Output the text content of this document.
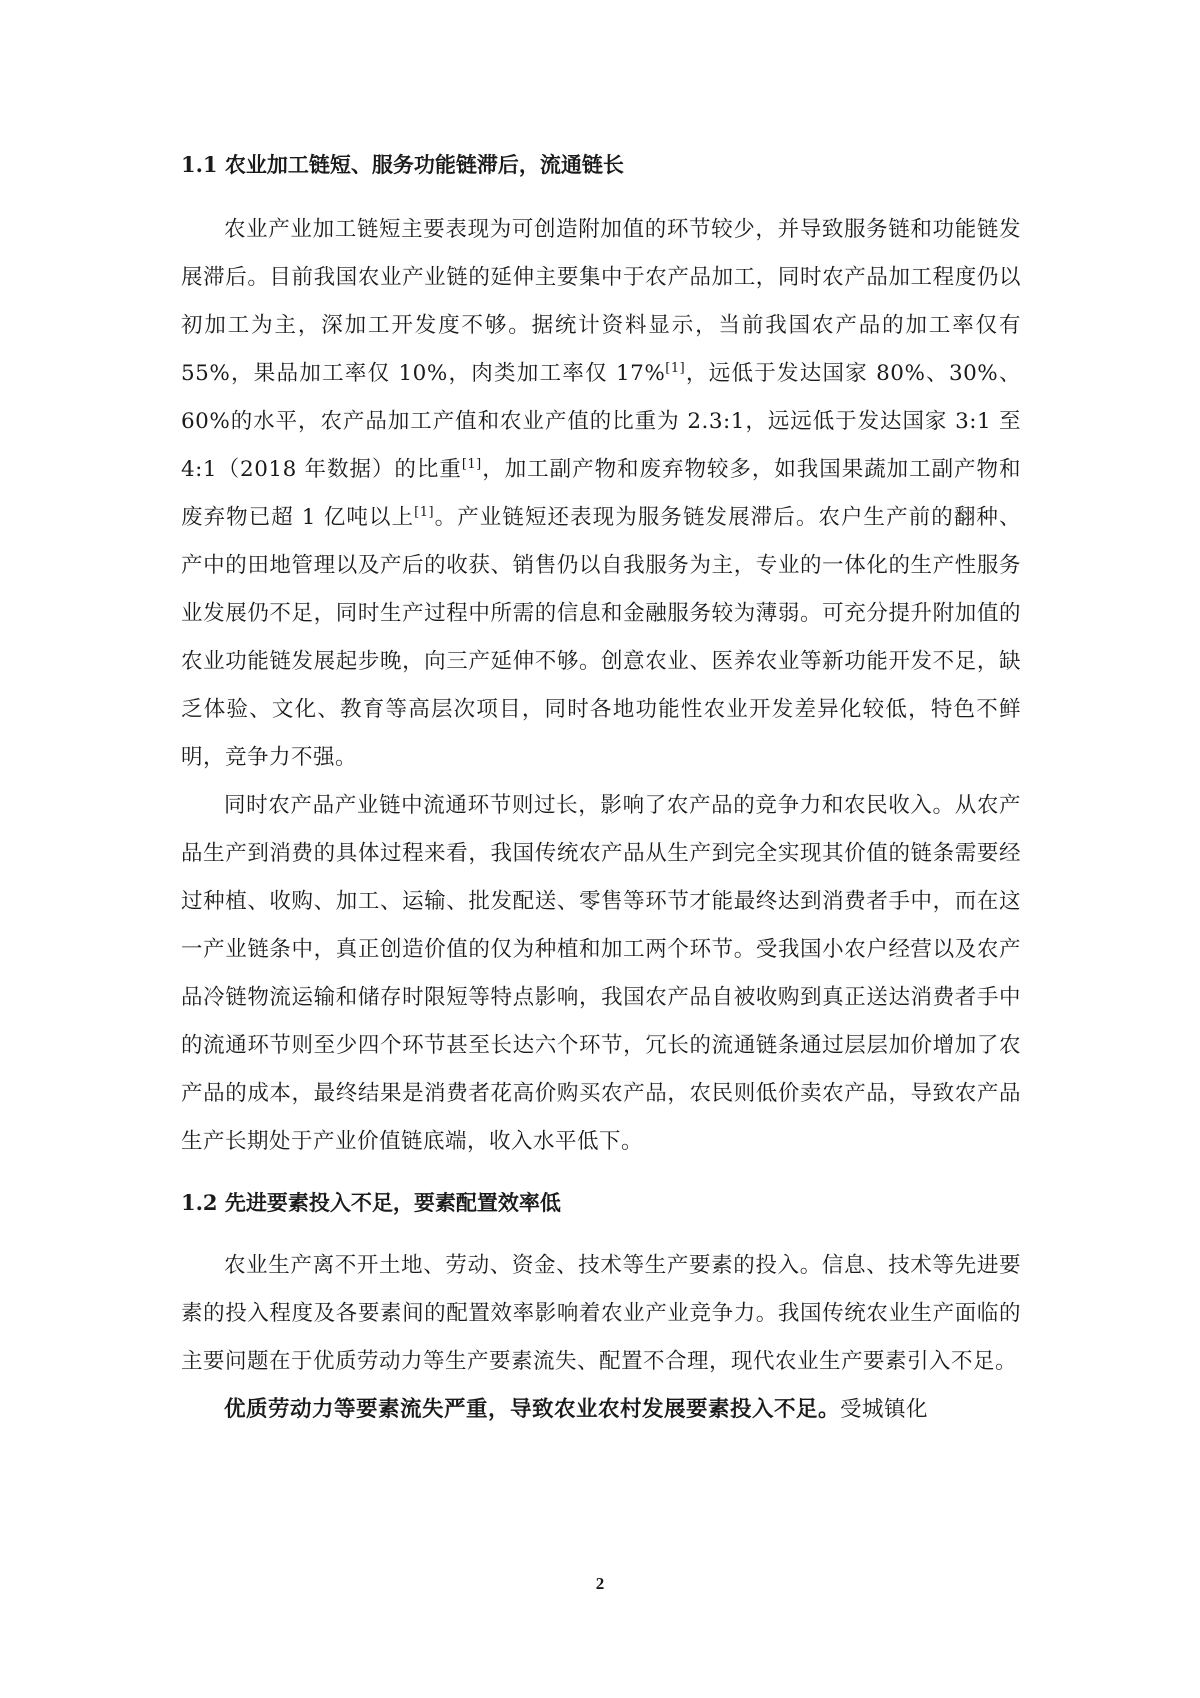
1.1 农业加工链短、服务功能链滞后，流通链长

农业产业加工链短主要表现为可创造附加值的环节较少，并导致服务链和功能链发展滞后。目前我国农业产业链的延伸主要集中于农产品加工，同时农产品加工程度仍以初加工为主，深加工开发度不够。据统计资料显示，当前我国农产品的加工率仅有 55%，果品加工率仅 10%，肉类加工率仅 17%[1]，远低于发达国家 80%、30%、60%的水平，农产品加工产值和农业产值的比重为 2.3:1，远远低于发达国家 3:1 至 4:1（2018 年数据）的比重[1]，加工副产物和废弃物较多，如我国果蔬加工副产物和废弃物已超 1 亿吨以上[1]。产业链短还表现为服务链发展滞后。农户生产前的翻种、产中的田地管理以及产后的收获、销售仍以自我服务为主，专业的一体化的生产性服务业发展仍不足，同时生产过程中所需的信息和金融服务较为薄弱。可充分提升附加值的农业功能链发展起步晚，向三产延伸不够。创意农业、医养农业等新功能开发不足，缺乏体验、文化、教育等高层次项目，同时各地功能性农业开发差异化较低，特色不鲜明，竞争力不强。

同时农产品产业链中流通环节则过长，影响了农产品的竞争力和农民收入。从农产品生产到消费的具体过程来看，我国传统农产品从生产到完全实现其价值的链条需要经过种植、收购、加工、运输、批发配送、零售等环节才能最终达到消费者手中，而在这一产业链条中，真正创造价值的仅为种植和加工两个环节。受我国小农户经营以及农产品冷链物流运输和储存时限短等特点影响，我国农产品自被收购到真正送达消费者手中的流通环节则至少四个环节甚至长达六个环节，冗长的流通链条通过层层加价增加了农产品的成本，最终结果是消费者花高价购买农产品，农民则低价卖农产品，导致农产品生产长期处于产业价值链底端，收入水平低下。

1.2 先进要素投入不足，要素配置效率低

农业生产离不开土地、劳动、资金、技术等生产要素的投入。信息、技术等先进要素的投入程度及各要素间的配置效率影响着农业产业竞争力。我国传统农业生产面临的主要问题在于优质劳动力等生产要素流失、配置不合理，现代农业生产要素引入不足。

优质劳动力等要素流失严重，导致农业农村发展要素投入不足。受城镇化

2
